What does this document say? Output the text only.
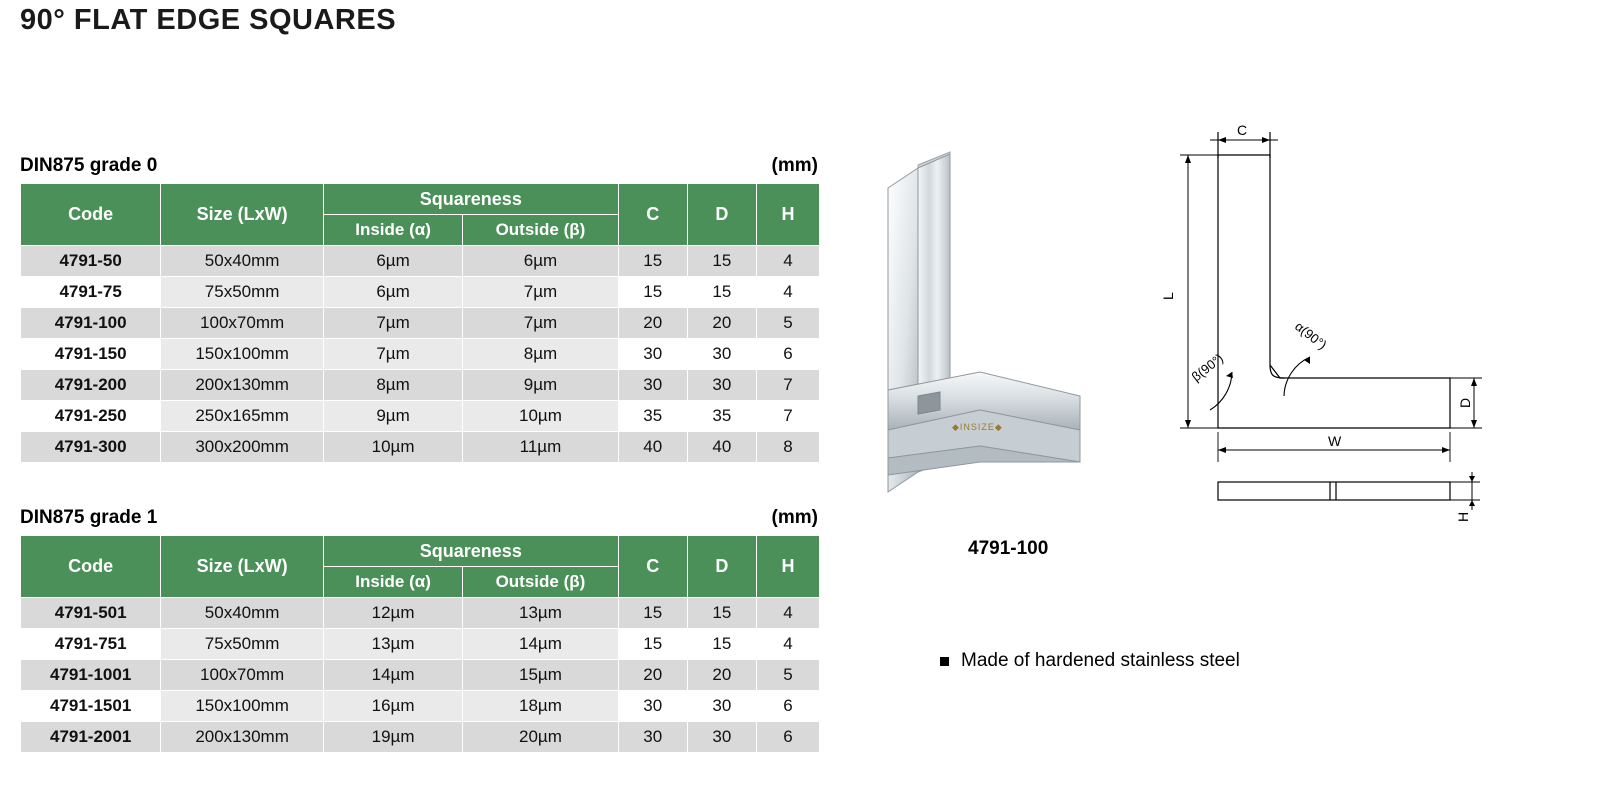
90° FLAT EDGE SQUARES
DIN875 grade 0	(mm)
Code	Size (LxW)	Squareness		C	D	H
		Inside (α)	Outside (β)			
4791-50	50x40mm	6µm	6µm	15	15	4
4791-75	75x50mm	6µm	7µm	15	15	4
4791-100	100x70mm	7µm	7µm	20	20	5
4791-150	150x100mm	7µm	8µm	30	30	6
4791-200	200x130mm	8µm	9µm	30	30	7
4791-250	250x165mm	9µm	10µm	35	35	7
4791-300	300x200mm	10µm	11µm	40	40	8
DIN875 grade 1	(mm)
Code	Size (LxW)	Squareness		C	D	H
		Inside (α)	Outside (β)			
4791-501	50x40mm	12µm	13µm	15	15	4
4791-751	75x50mm	13µm	14µm	15	15	4
4791-1001	100x70mm	14µm	15µm	20	20	5
4791-1501	150x100mm	16µm	18µm	30	30	6
4791-2001	200x130mm	19µm	20µm	30	30	6
◆INSIZE◆
C
L
W
D
H
α(90°)
β(90°)
4791-100
Made of hardened stainless steel
